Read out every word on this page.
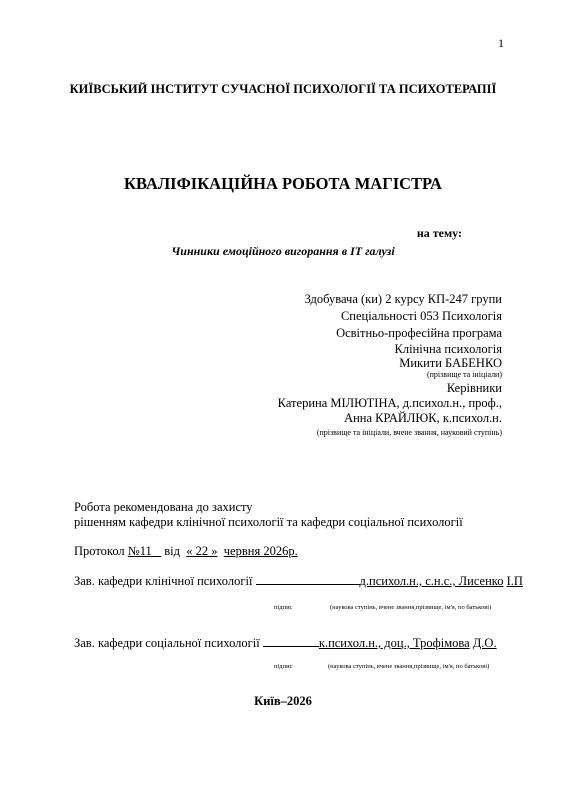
1
КИЇВСЬКИЙ ІНСТИТУТ СУЧАСНОЇ ПСИХОЛОГІЇ ТА ПСИХОТЕРАПІЇ
КВАЛІФІКАЦІЙНА РОБОТА МАГІСТРА
на тему:
Чинники емоційного вигорання в IT галузі
Здобувача (ки) 2 курсу КП-247 групи
Спеціальності 053 Психологія
Освітньо-професійна програма
Клінічна психологія
Микити БАБЕНКО
(прізвище та ініціали)
Керівники
Катерина МІЛЮТІНА, д.психол.н., проф.,
Анна КРАЙЛЮК, к.психол.н.
(прізвище та ініціали, вчене звання, науковий ступінь)
Робота рекомендована до захисту
рішенням кафедри клінічної психології та кафедри соціальної психології
Протокол №11 від « 22 » червня 2026р.
Зав. кафедри клінічної психології	д.психол.н., с.н.с., Лисенко І.П
підпис	(наукова ступінь, вчене звання,прізвище, ім'я, по батькові)
Зав. кафедри соціальної психології	к.психол.н., доц., Трофімова Д.О.
підпис	(наукова ступінь, вчене звання,прізвище, ім'я, по батькові)
Київ–2026
